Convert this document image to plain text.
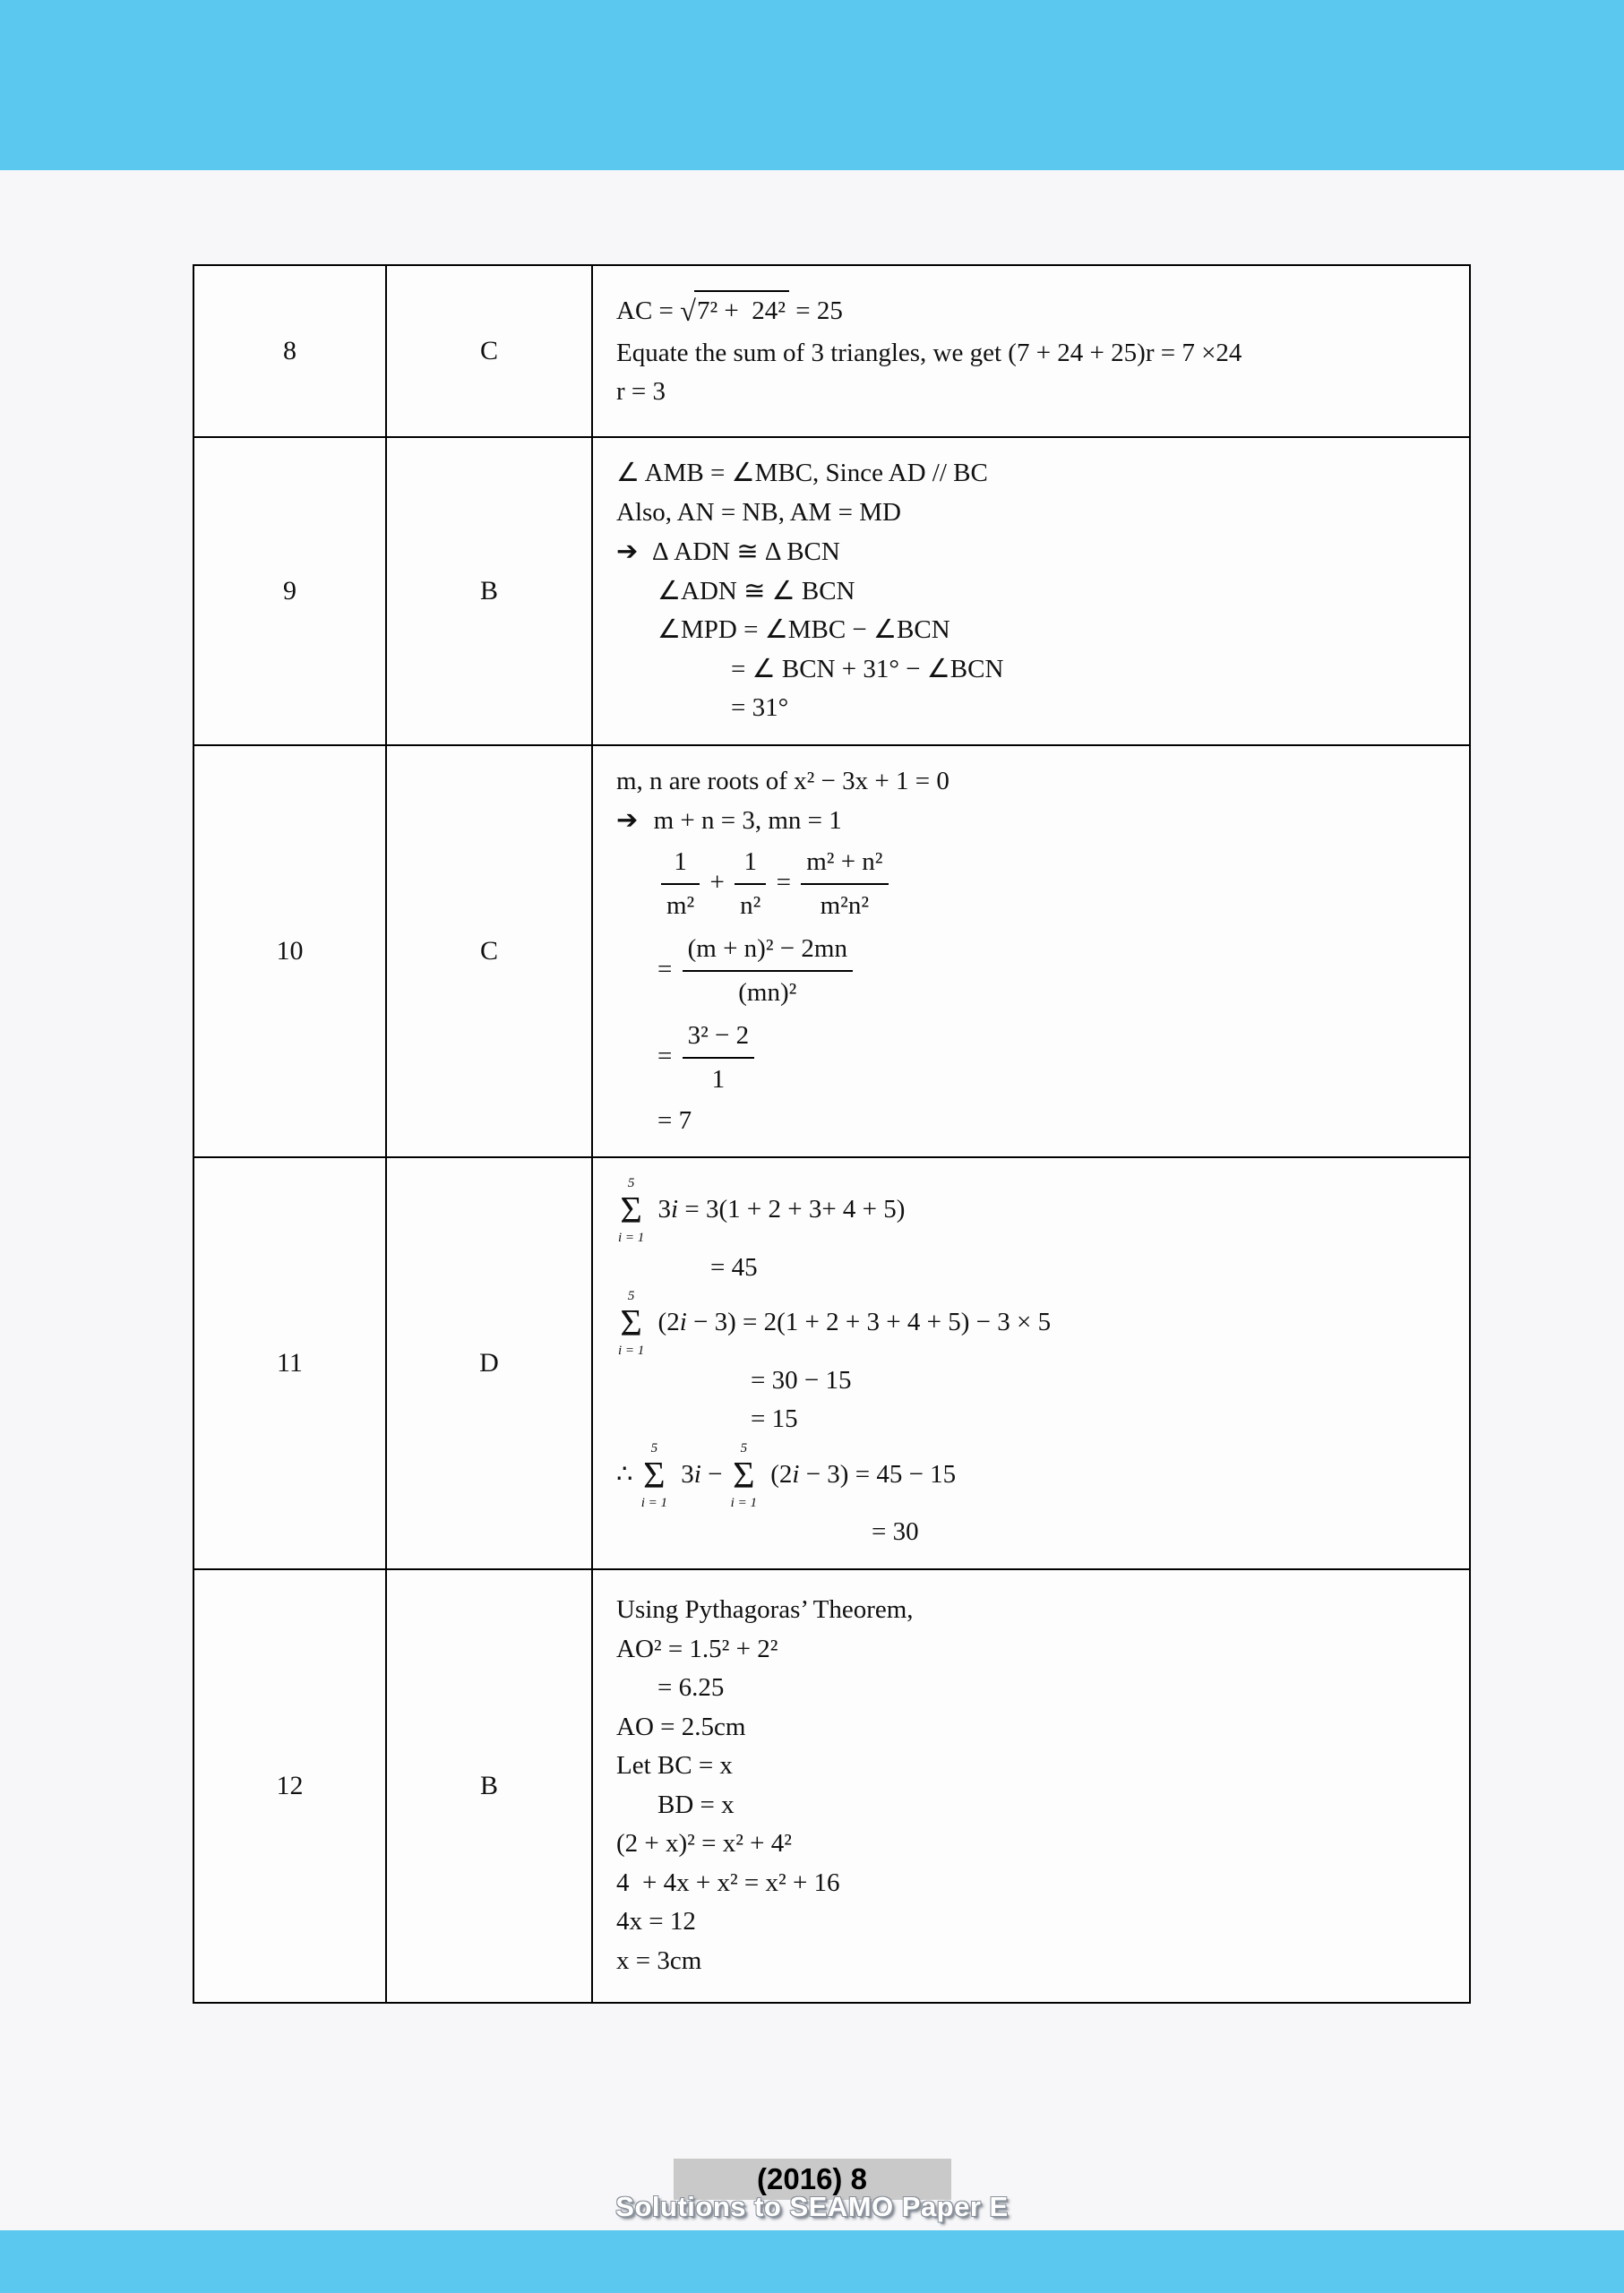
8	C	AC = √7² +  24² = 25
Equate the sum of 3 triangles, we get (7 + 24 + 25)r = 7 ×24
r = 3

9	B	
∠ AMB = ∠MBC, Since AD // BC
Also, AN = NB, AM = MD
➔ Δ ADN ≅ Δ BCN
∠ADN ≅ ∠ BCN
∠MPD = ∠MBC − ∠BCN
= ∠ BCN + 31° − ∠BCN
= 31°

10	C	
m, n are roots of x² − 3x + 1 = 0
➔ m + n = 3, mn = 1
$\frac{1}{\text{m²}} + \frac{1}{\text{n²}} = \frac{\text{m² + n²}}{\text{m²n²}}$
= $\frac{\text{(m + n)² − 2mn}}{\text{(mn)²}}$
= $\frac{\text{3² − 2}}{1}$
= 7

11	D	
5
Σ
i = 1
3i = 3(1 + 2 + 3+ 4 + 5)
= 45
5
Σ
i = 1
(2i − 3) = 2(1 + 2 + 3 + 4 + 5) − 3 × 5
= 30 − 15
= 15
∴
5
Σ
i = 1
3i −
5
Σ
i = 1
(2i − 3) = 45 − 15
= 30

12	B	
Using Pythagoras’ Theorem,
AO² = 1.5² + 2²
= 6.25
AO = 2.5cm
Let BC = x
BD = x
(2 + x)² = x² + 4²
4  + 4x + x² = x² + 16
4x = 12
x = 3cm
(2016) 8
Solutions to SEAMO Paper E
